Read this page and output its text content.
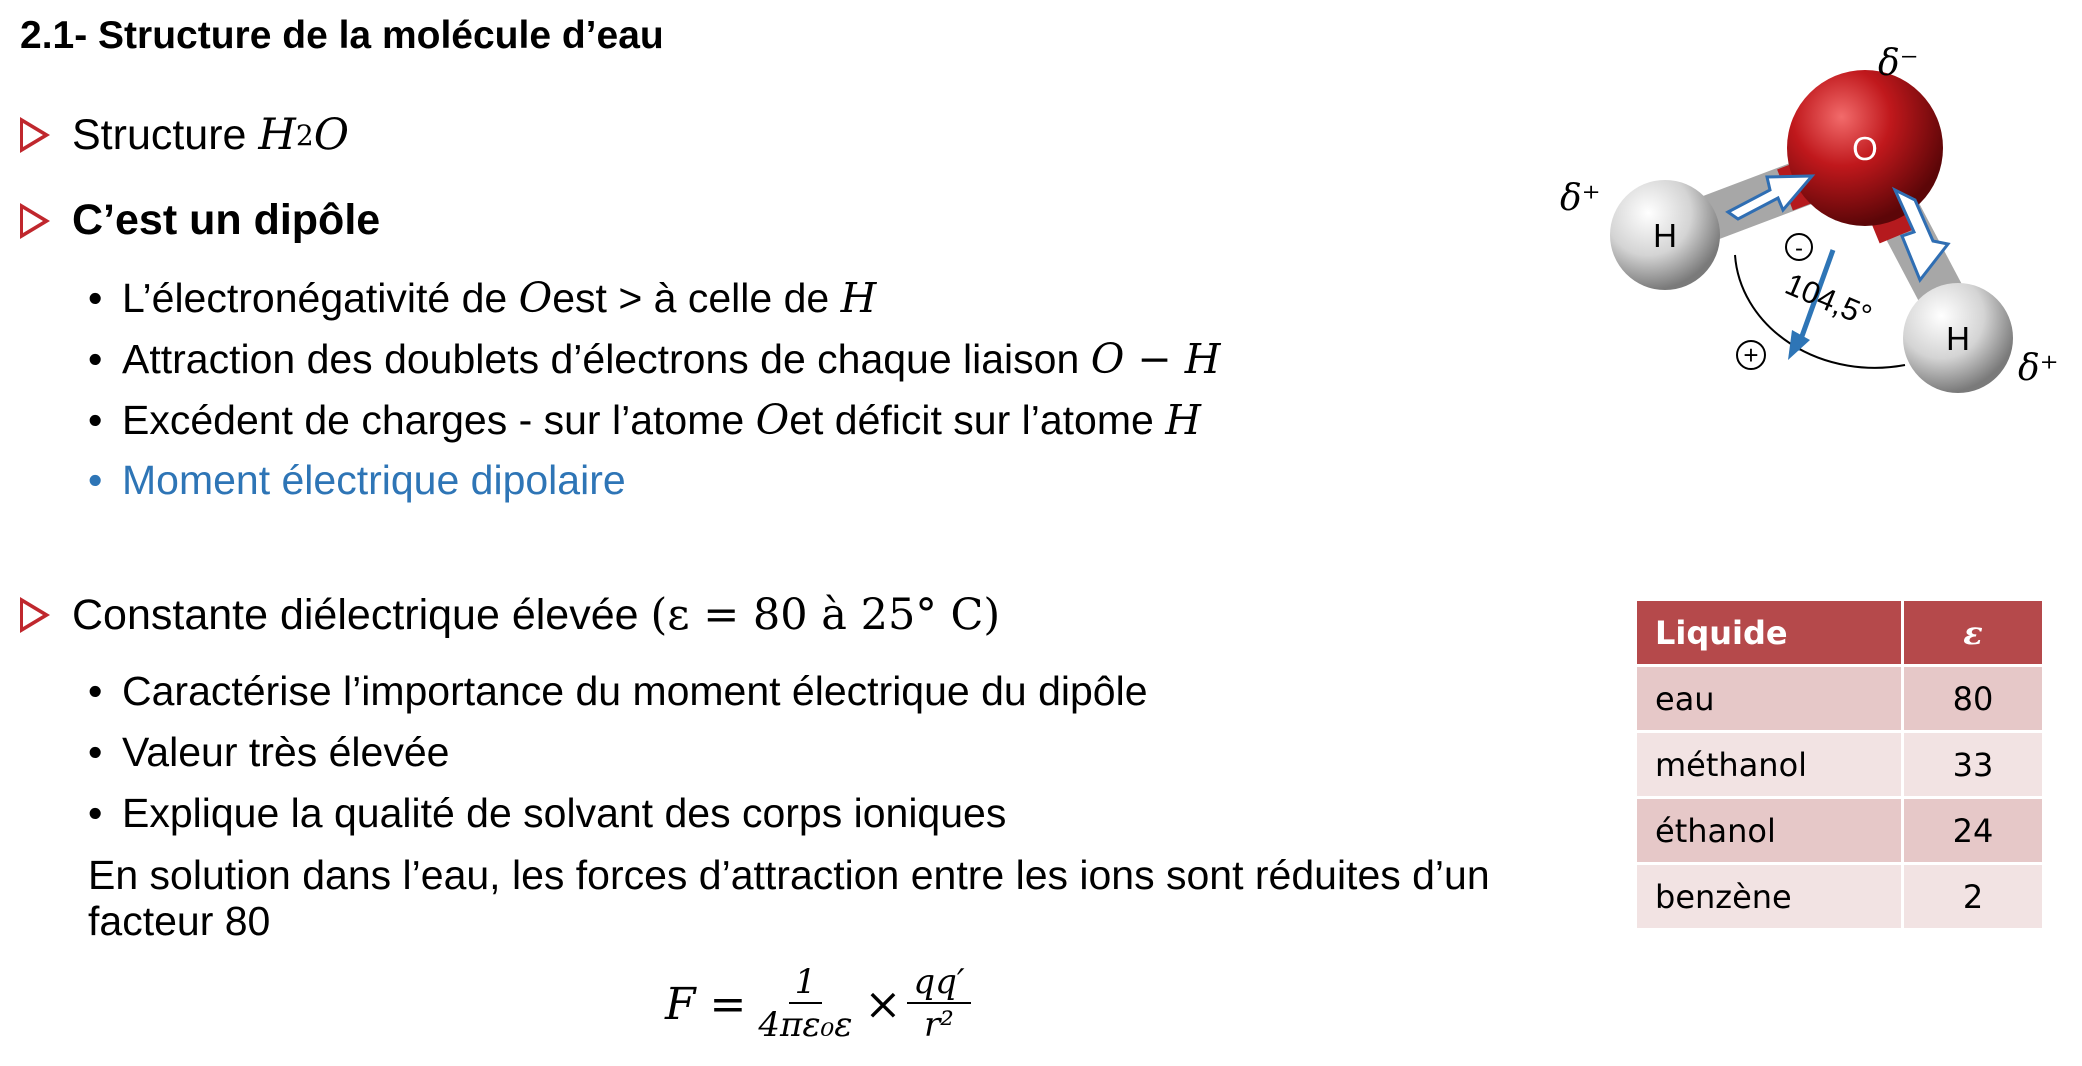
2.1- Structure de la molécule d’eau
Structure
H 2 O
C’est un dipôle
• L’électronégativité de
O est > à celle de
H
• Attraction des doublets d’électrons de chaque liaison
O − H
• Excédent de charges - sur l’atome
O et déficit sur l’atome
H
• Moment électrique dipolaire
Constante diélectrique élevée
(ε = 80 à 25° C)
• Caractérise l’importance du moment électrique du dipôle
• Valeur très élevée
• Explique la qualité de solvant des corps ioniques
En solution dans l’eau, les forces d’attraction entre les ions sont réduites d’un facteur 80
$F = \frac{1}{\text{4πε₀ε}} \times \frac{qq'}{\text{r²}}$
-
+
104,5°
O
H
H
δ⁻
δ⁺
δ⁺
Liquide	ε
eau	80
méthanol	33
éthanol	24
benzène	2
